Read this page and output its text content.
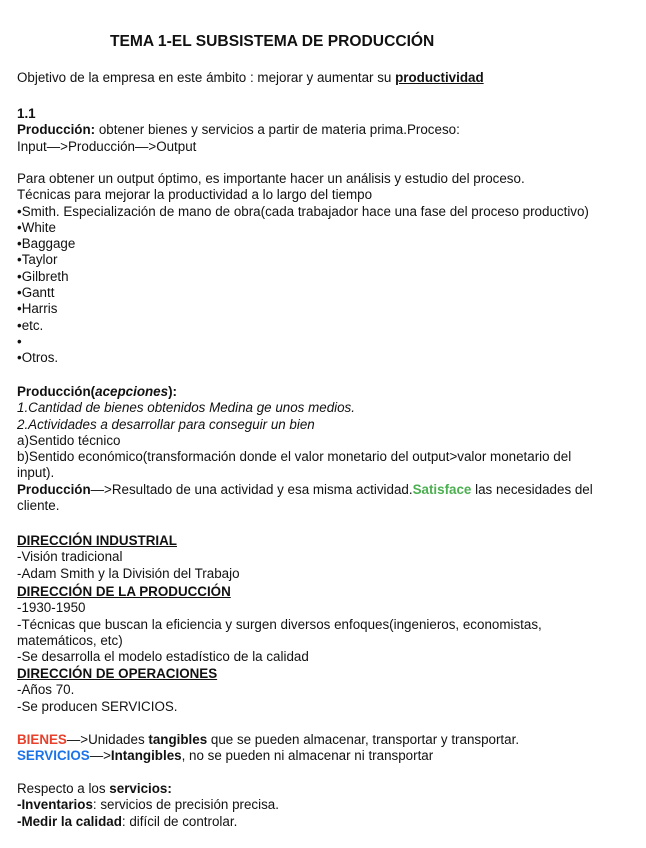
TEMA 1-EL SUBSISTEMA DE PRODUCCIÓN
Objetivo de la empresa en este ámbito : mejorar y aumentar su productividad
1.1
Producción: obtener bienes y servicios a partir de materia prima.Proceso:
Input—>Producción—>Output
Para obtener un output óptimo, es importante hacer un análisis y estudio del proceso.
Técnicas para mejorar la productividad a lo largo del tiempo
•Smith. Especialización de mano de obra(cada trabajador hace una fase del proceso productivo)
•White
•Baggage
•Taylor
•Gilbreth
•Gantt
•Harris
•etc.
•
•Otros.
Producción(acepciones):
1.Cantidad de bienes obtenidos Medina ge unos medios.
2.Actividades a desarrollar para conseguir un bien
a)Sentido técnico
b)Sentido económico(transformación donde el valor monetario del output>valor monetario del input).
Producción—>Resultado de una actividad y esa misma actividad.Satisface las necesidades del cliente.
DIRECCIÓN INDUSTRIAL
-Visión tradicional
-Adam Smith y la División del Trabajo
DIRECCIÓN DE LA PRODUCCIÓN
-1930-1950
-Técnicas que buscan la eficiencia y surgen diversos enfoques(ingenieros, economistas, matemáticos, etc)
-Se desarrolla el modelo estadístico de la calidad
DIRECCIÓN DE OPERACIONES
-Años 70.
-Se producen SERVICIOS.
BIENES—>Unidades tangibles que se pueden almacenar, transportar y transportar.
SERVICIOS—>Intangibles, no se pueden ni almacenar ni transportar
Respecto a los servicios:
-Inventarios: servicios de precisión precisa.
-Medir la calidad: difícil de controlar.
